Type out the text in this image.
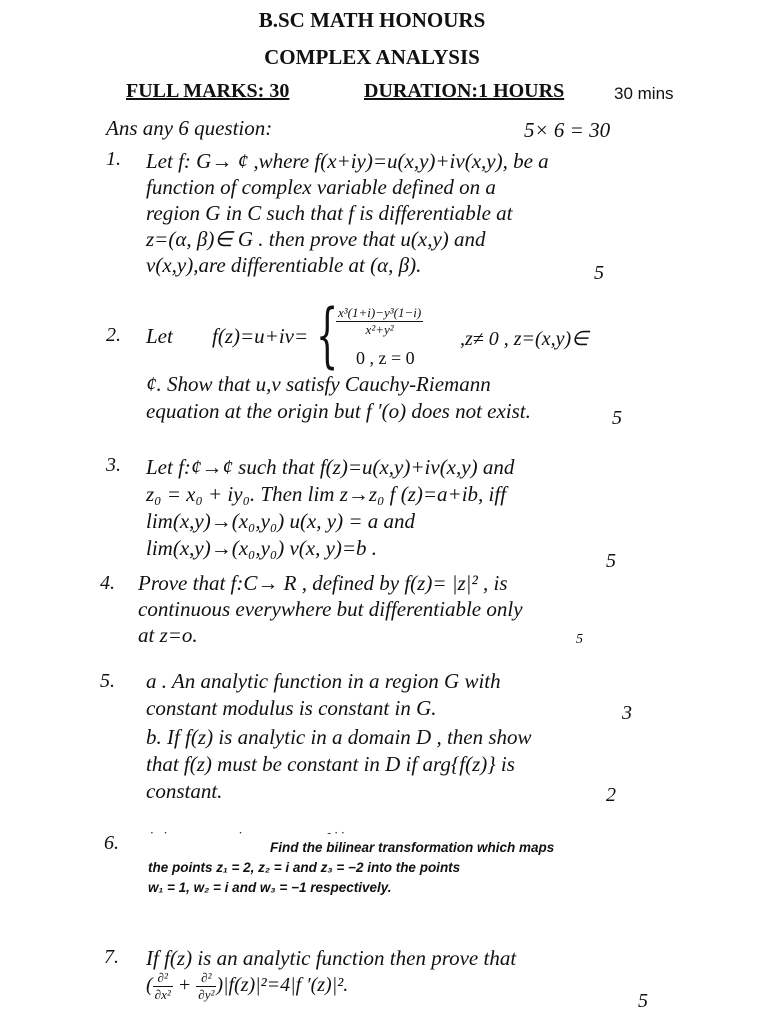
B.SC MATH HONOURS
COMPLEX ANALYSIS
FULL MARKS: 30	DURATION:1 HOURS	30 mins
Ans any 6 question:	5× 6 = 30
1. Let f: G→ ¢ ,where f(x+iy)=u(x,y)+iv(x,y), be a

function of complex variable defined on a

region G in C such that f is differentiable at

z=(α, β)∈ G . then prove that u(x,y) and

v(x,y),are differentiable at (α, β).	5
2. Let f(z)=u+iv= {
$\frac{\text{x³(1+i)−y³(1−i)}}{\text{x²+y²}}$
,z≠ 0 , z=(x,y)∈
0 , z = 0

¢. Show that u,v satisfy Cauchy-Riemann

equation at the origin but f ′(o) does not exist.	5
3. Let f:¢→¢ such that f(z)=u(x,y)+iv(x,y) and

z₀ = x₀ + iy₀. Then lim z→z₀ f (z)=a+ib, iff

lim(x,y)→(x₀,y₀) u(x, y) = a and

lim(x,y)→(x₀,y₀) v(x, y)=b .

5
4. Prove that f:C→ R , defined by f(z)= |z|² , is

continuous everywhere but differentiable only

at z=o.	5
5. a . An analytic function in a region G with

constant modulus is constant in G.	3

b. If f(z) is analytic in a domain D , then show

that f(z) must be constant in D if arg{f(z)} is

constant.	2
6.	· ·          ·            -··

Find the bilinear transformation which maps

the points z₁ = 2, z₂ = i and z₃ = −2 into the points

w₁ = 1, w₂ = i and w₃ = −1 respectively.

7. If f(z) is an analytic function then prove that
( $\frac{\text{∂²}}{\text{∂x²}} + \frac{\text{∂²}}{\text{∂y²}} )|f(z)|^2=4|f$ ′(z)|².
5
